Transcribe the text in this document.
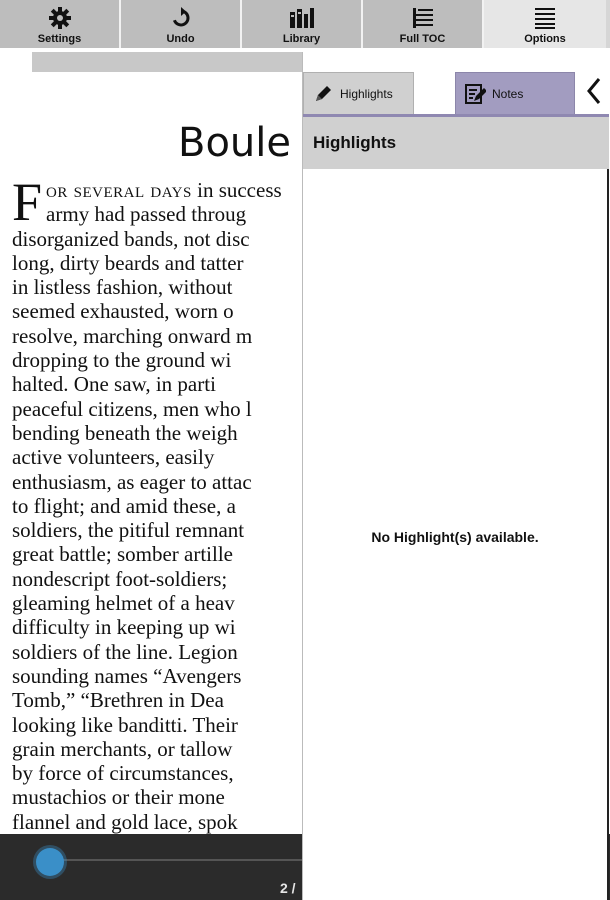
Settings	Undo	Library	Full TOC	Options
Boule
For several days in success
army had passed throug
disorganized bands, not disc
long, dirty beards and tatter
in listless fashion, without
seemed exhausted, worn o
resolve, marching onward m
dropping to the ground wi
halted. One saw, in parti
peaceful citizens, men who l
bending beneath the weigh
active volunteers, easily
enthusiasm, as eager to attac
to flight; and amid these, a
soldiers, the pitiful remnant
great battle; somber artille
nondescript foot-soldiers;
gleaming helmet of a heav
difficulty in keeping up wi
soldiers of the line. Legion
sounding names “Avengers
Tomb,” “Brethren in Dea
looking like banditti. Their
grain merchants, or tallow
by force of circumstances,
mustachios or their mone
flannel and gold lace, spok
2 /
Highlights	Notes
Highlights
No Highlight(s) available.
